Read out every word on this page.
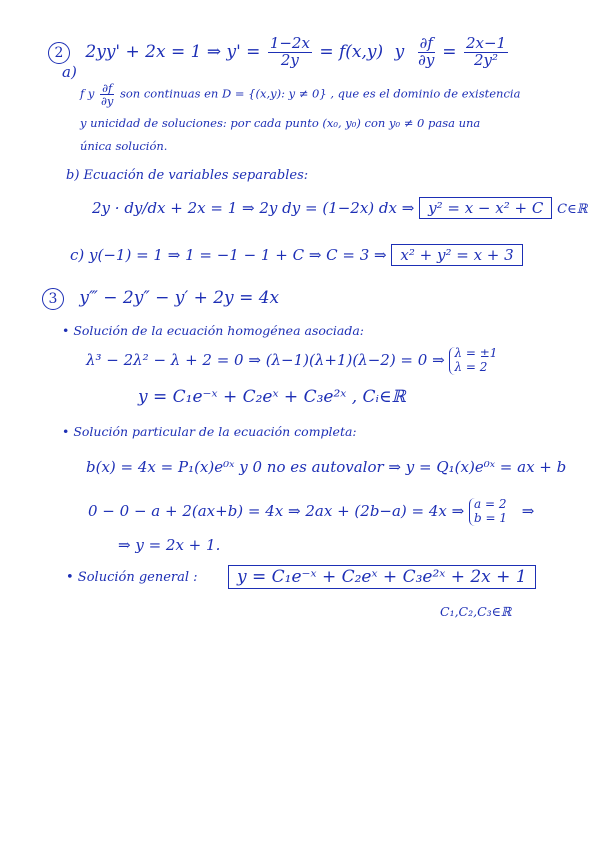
2 2yy' + 2x = 1 ⇒ $y' = \frac{1-2x}{2y} = f(x,y)$ y $\frac{\partial f}{\partial y} = \frac{2x-1}{\text{2y²}}$
a)
f y $\frac{\partial f}{\partial y}$ son continuas en D = {(x,y): y ≠ 0} , que es el dominio de existencia
y unicidad de soluciones: por cada punto (x₀, y₀) con y₀ ≠ 0 pasa una
única solución.
b) Ecuación de variables separables:
2y · dy/dx + 2x = 1 ⇒ 2y dy = (1−2x) dx ⇒ y² = x − x² + C C∈ℝ
c) y(−1) = 1 ⇒ 1 = −1 − 1 + C ⇒ C = 3 ⇒ x² + y² = x + 3
3 y‴ − 2y″ − y′ + 2y = 4x
• Solución de la ecuación homogénea asociada:
λ³ − 2λ² − λ + 2 = 0 ⇒ (λ−1)(λ+1)(λ−2) = 0 ⇒ λ = ±1
λ = 2
y = C₁e⁻ˣ + C₂eˣ + C₃e²ˣ , Cᵢ∈ℝ
• Solución particular de la ecuación completa:
b(x) = 4x = P₁(x)e⁰ˣ y 0 no es autovalor ⇒ y = Q₁(x)e⁰ˣ = ax + b
0 − 0 − a + 2(ax+b) = 4x ⇒ 2ax + (2b−a) = 4x ⇒ a = 2
b = 1 ⇒
⇒ y = 2x + 1.
• Solución general :	y = C₁e⁻ˣ + C₂eˣ + C₃e²ˣ + 2x + 1
C₁,C₂,C₃∈ℝ
